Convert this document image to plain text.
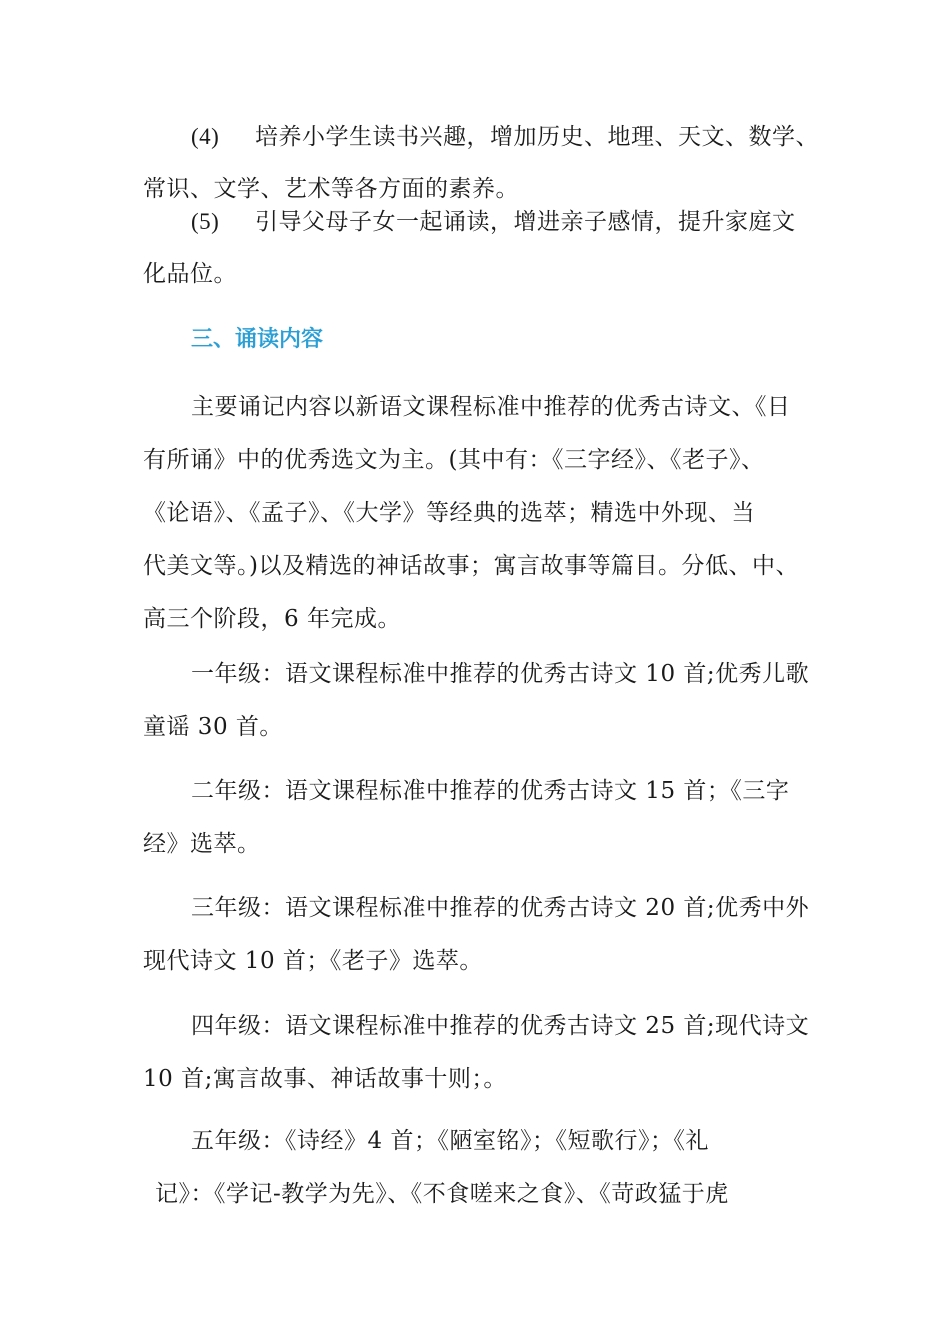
(4) 培养小学生读书兴趣，增加历史、地理、天文、数学、
常识、文学、艺术等各方面的素养。
(5) 引导父母子女一起诵读，增进亲子感情，提升家庭文
化品位。
三、诵读内容
主要诵记内容以新语文课程标准中推荐的优秀古诗文、《日
有所诵》中的优秀选文为主。(其中有：《三字经》、《老子》、
《论语》、《孟子》、《大学》等经典的选萃；精选中外现、当
代美文等。)以及精选的神话故事；寓言故事等篇目。分低、中、
高三个阶段，6 年完成。
一年级：语文课程标准中推荐的优秀古诗文 10 首;优秀儿歌
童谣 30 首。
二年级：语文课程标准中推荐的优秀古诗文 15 首；《三字
经》选萃。
三年级：语文课程标准中推荐的优秀古诗文 20 首;优秀中外
现代诗文 10 首；《老子》选萃。
四年级：语文课程标准中推荐的优秀古诗文 25 首;现代诗文
10 首;寓言故事、神话故事十则；。
五年级：《诗经》4 首；《陋室铭》；《短歌行》；《礼
记》：《学记-教学为先》、《不食嗟来之食》、《苛政猛于虎
